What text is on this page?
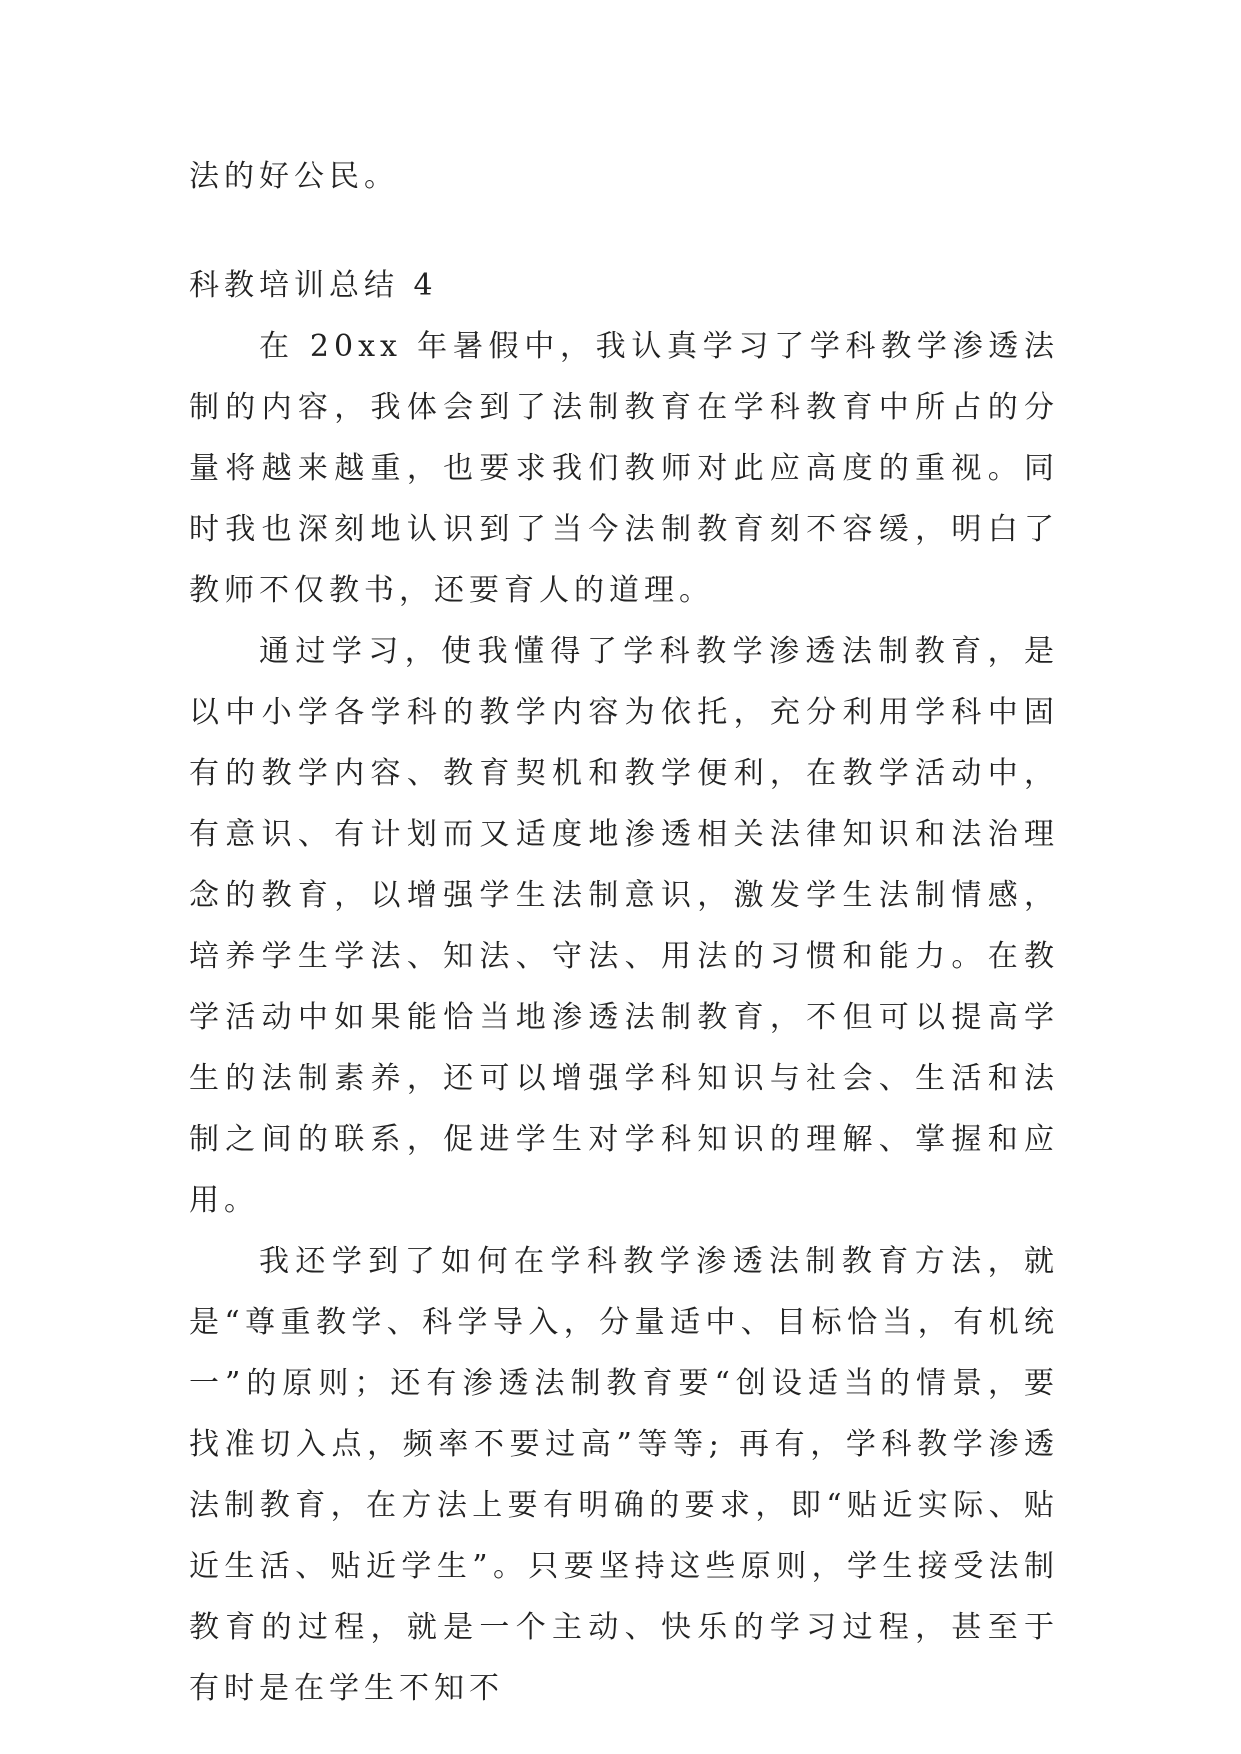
法的好公民。

科教培训总结 4

在 20xx 年暑假中，我认真学习了学科教学渗透法制的内容，我体会到了法制教育在学科教育中所占的分量将越来越重，也要求我们教师对此应高度的重视。同时我也深刻地认识到了当今法制教育刻不容缓，明白了教师不仅教书，还要育人的道理。

通过学习，使我懂得了学科教学渗透法制教育，是以中小学各学科的教学内容为依托，充分利用学科中固有的教学内容、教育契机和教学便利，在教学活动中，有意识、有计划而又适度地渗透相关法律知识和法治理念的教育，以增强学生法制意识，激发学生法制情感，培养学生学法、知法、守法、用法的习惯和能力。在教学活动中如果能恰当地渗透法制教育，不但可以提高学生的法制素养，还可以增强学科知识与社会、生活和法制之间的联系，促进学生对学科知识的理解、掌握和应用。

我还学到了如何在学科教学渗透法制教育方法，就是“尊重教学、科学导入，分量适中、目标恰当，有机统一”的原则；还有渗透法制教育要“创设适当的情景，要找准切入点，频率不要过高”等等; 再有，学科教学渗透法制教育，在方法上要有明确的要求，即“贴近实际、贴近生活、贴近学生”。只要坚持这些原则，学生接受法制教育的过程，就是一个主动、快乐的学习过程，甚至于有时是在学生不知不
